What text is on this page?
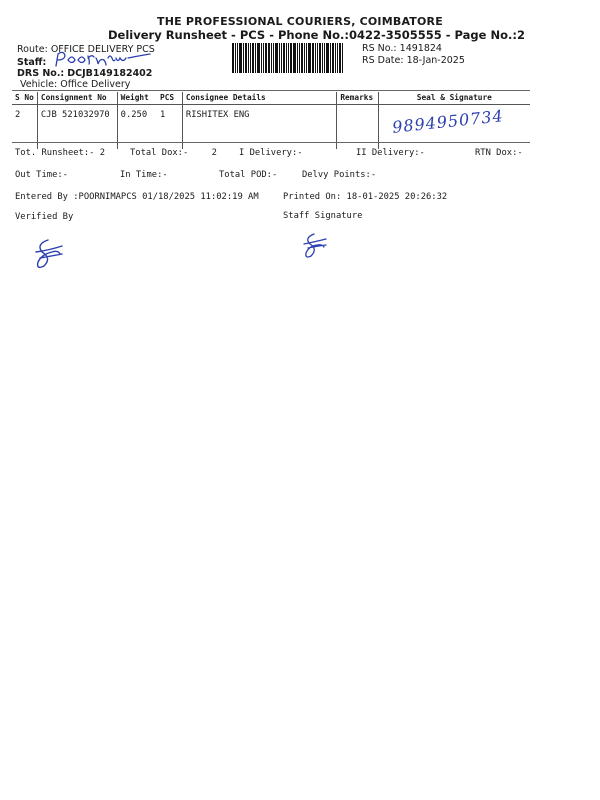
THE PROFESSIONAL COURIERS, COIMBATORE
Delivery Runsheet - PCS - Phone No.:0422-3505555 - Page No.:2
Route: OFFICE DELIVERY PCS
Staff:
DRS No.: DCJB149182402
Vehicle: Office Delivery
RS No.: 1491824
RS Date: 18-Jan-2025
S No	Consignment No	Weight	PCS	Consignee Details	Remarks	Seal & Signature
2	CJB 521032970	0.250	1	RISHITEX ENG		9894950734
Tot. Runsheet:- 2	Total Dox:-	2	I Delivery:-	II Delivery:-	RTN Dox:-
Out Time:-	In Time:-	Total POD:-	Delvy Points:-
Entered By :POORNIMAPCS 01/18/2025 11:02:19 AM	Printed On: 18-01-2025 20:26:32
Verified By	Staff Signature
